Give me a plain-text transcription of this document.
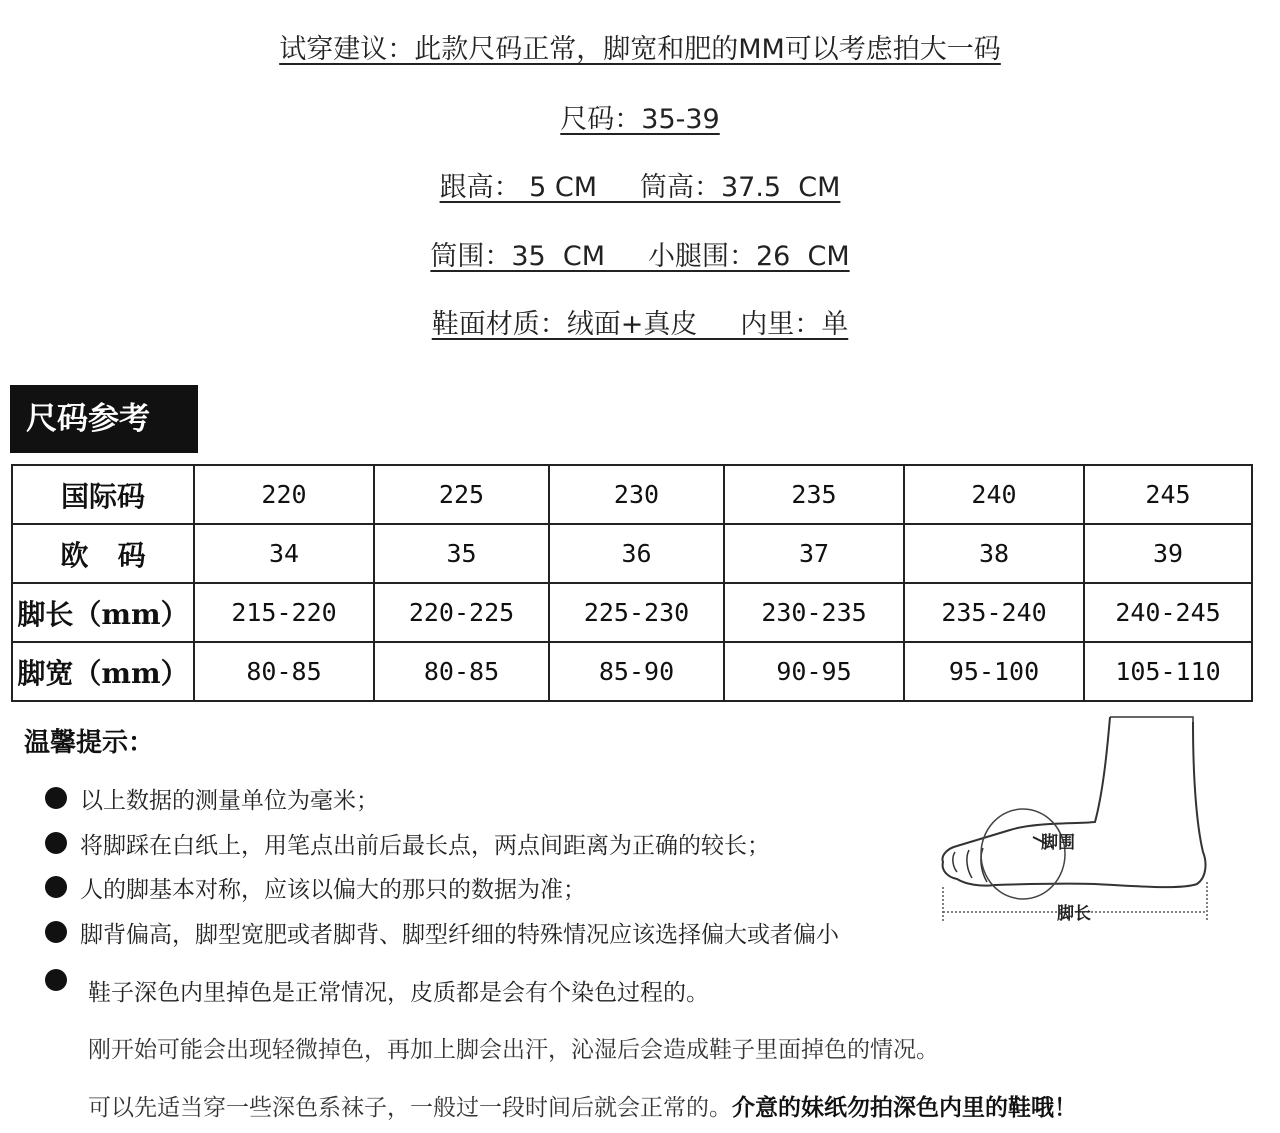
试穿建议：此款尺码正常，脚宽和肥的MM可以考虑拍大一码
尺码：35-39
跟高： 5 CM     筒高：37.5  CM
筒围：35  CM     小腿围：26  CM
鞋面材质：绒面+真皮     内里：单
尺码参考
国际码	220	225	230	235	240	245
欧   码	34	35	36	37	38	39
脚长（mm）	215-220	220-225	225-230	230-235	235-240	240-245
脚宽（mm）	80-85	80-85	85-90	90-95	95-100	105-110
温馨提示：
以上数据的测量单位为毫米；
将脚踩在白纸上，用笔点出前后最长点，两点间距离为正确的较长；
人的脚基本对称，应该以偏大的那只的数据为准；
脚背偏高，脚型宽肥或者脚背、脚型纤细的特殊情况应该选择偏大或者偏小
鞋子深色内里掉色是正常情况，皮质都是会有个染色过程的。
刚开始可能会出现轻微掉色，再加上脚会出汗，沁湿后会造成鞋子里面掉色的情况。
可以先适当穿一些深色系袜子，一般过一段时间后就会正常的。介意的妹纸勿拍深色内里的鞋哦！
脚围
脚长
